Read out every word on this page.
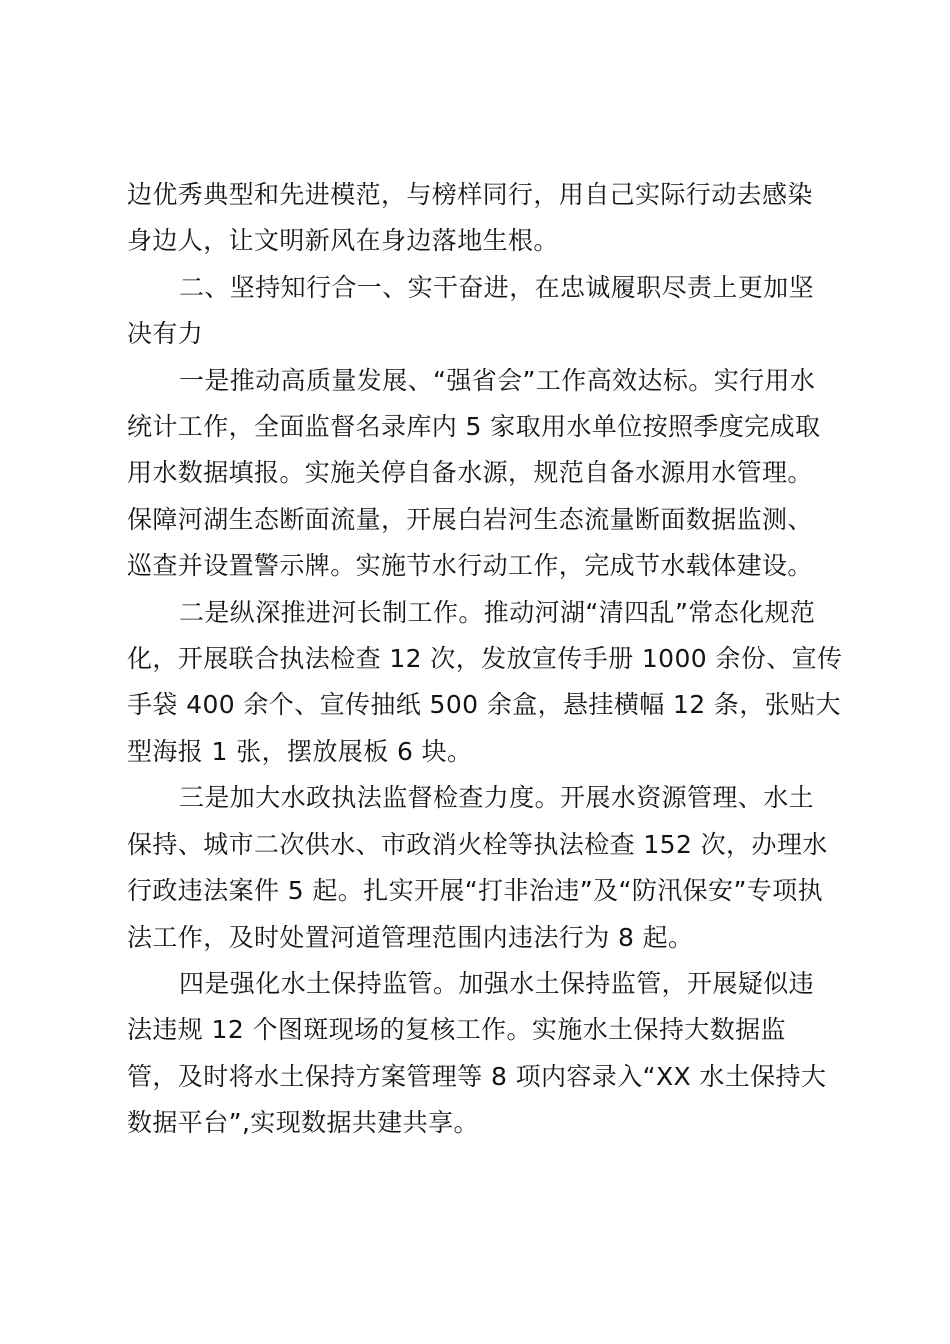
边优秀典型和先进模范，与榜样同行，用自己实际行动去感染
身边人，让文明新风在身边落地生根。

二、坚持知行合一、实干奋进，在忠诚履职尽责上更加坚
决有力

一是推动高质量发展、“强省会”工作高效达标。实行用水
统计工作，全面监督名录库内 5 家取用水单位按照季度完成取
用水数据填报。实施关停自备水源，规范自备水源用水管理。
保障河湖生态断面流量，开展白岩河生态流量断面数据监测、
巡查并设置警示牌。实施节水行动工作，完成节水载体建设。

二是纵深推进河长制工作。推动河湖“清四乱”常态化规范
化，开展联合执法检查 12 次，发放宣传手册 1000 余份、宣传
手袋 400 余个、宣传抽纸 500 余盒，悬挂横幅 12 条，张贴大
型海报 1 张，摆放展板 6 块。

三是加大水政执法监督检查力度。开展水资源管理、水土
保持、城市二次供水、市政消火栓等执法检查 152 次，办理水
行政违法案件 5 起。扎实开展“打非治违”及“防汛保安”专项执
法工作，及时处置河道管理范围内违法行为 8 起。

四是强化水土保持监管。加强水土保持监管，开展疑似违
法违规 12 个图斑现场的复核工作。实施水土保持大数据监
管，及时将水土保持方案管理等 8 项内容录入“XX 水土保持大
数据平台”,实现数据共建共享。
